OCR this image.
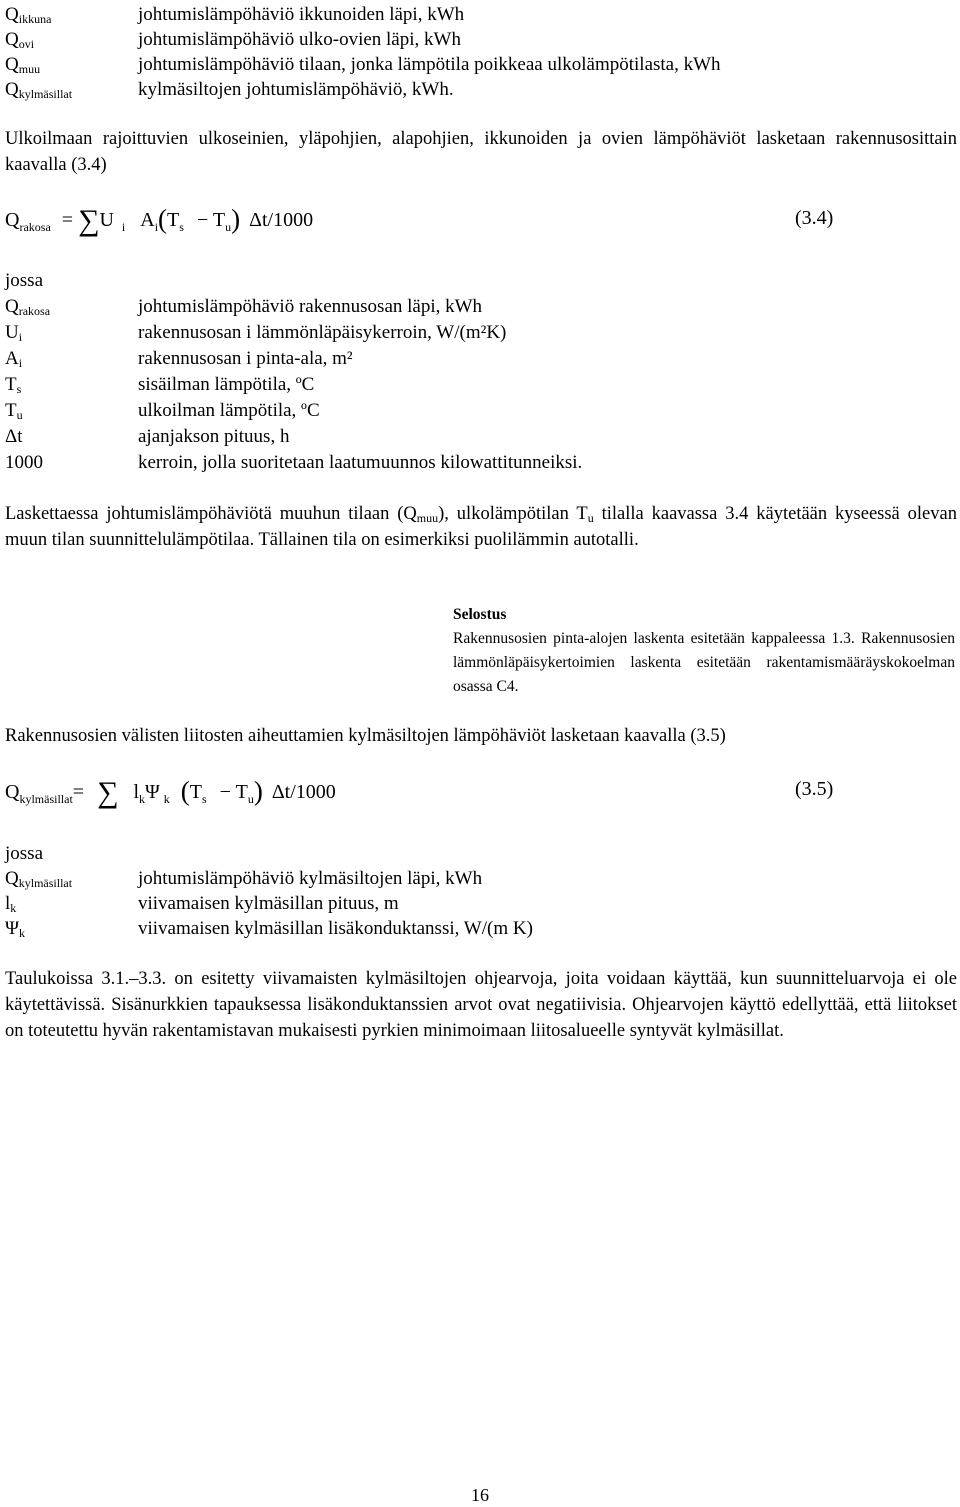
$Q_{ikkuna}$	johtumislämpöhäviö ikkunoiden läpi, kWh
$Q_{ovi}$	johtumislämpöhäviö ulko-ovien läpi, kWh
$Q_{muu}$	johtumislämpöhäviö tilaan, jonka lämpötila poikkeaa ulkolämpötilasta, kWh
$Q_{kylmäsillat}$	kylmäsiltojen johtumislämpöhäviö, kWh.
Ulkoilmaan rajoittuvien ulkoseinien, yläpohjien, alapohjien, ikkunoiden ja ovien lämpöhäviöt lasketaan rakennusosittain kaavalla (3.4)
$Q_{rakosa} = \sum U$ $_i$ $A_i(T_s - T_u)$ Δt/1000	(3.4)
jossa
$Q_{rakosa}$	johtumislämpöhäviö rakennusosan läpi, kWh
$U_i$	rakennusosan i lämmönläpäisykerroin, W/(m²K)
$A_i$	rakennusosan i pinta-ala, m²
$T_s$	sisäilman lämpötila, ºC
$T_u$	ulkoilman lämpötila, ºC
Δt	ajanjakson pituus, h
1000	kerroin, jolla suoritetaan laatumuunnos kilowattitunneiksi.
Laskettaessa johtumislämpöhäviötä muuhun tilaan $(Q_{muu})$, ulkolämpötilan $T_u$ tilalla kaavassa 3.4 käytetään kyseessä olevan muun tilan suunnittelulämpötilaa. Tällainen tila on esimerkiksi puolilämmin autotalli.
Selostus
Rakennusosien pinta-alojen laskenta esitetään kappaleessa 1.3. Rakennusosien lämmönläpäisykertoimien laskenta esitetään rakentamismääräyskokoelman osassa C4.
Rakennusosien välisten liitosten aiheuttamien kylmäsiltojen lämpöhäviöt lasketaan kaavalla (3.5)
$Q_{kylmäsillat}=$ ∑ $l_k\Psi$ $_k$ $(T_s - T_u)$ Δt/1000	(3.5)
jossa
$Q_{kylmäsillat}$	johtumislämpöhäviö kylmäsiltojen läpi, kWh
$l_k$	viivamaisen kylmäsillan pituus, m
$\Psi_k$	viivamaisen kylmäsillan lisäkonduktanssi, W/(m K)
Taulukoissa 3.1.–3.3. on esitetty viivamaisten kylmäsiltojen ohjearvoja, joita voidaan käyttää, kun suunnitteluarvoja ei ole käytettävissä. Sisänurkkien tapauksessa lisäkonduktanssien arvot ovat negatiivisia. Ohjearvojen käyttö edellyttää, että liitokset on toteutettu hyvän rakentamistavan mukaisesti pyrkien minimoimaan liitosalueelle syntyvät kylmäsillat.
16
